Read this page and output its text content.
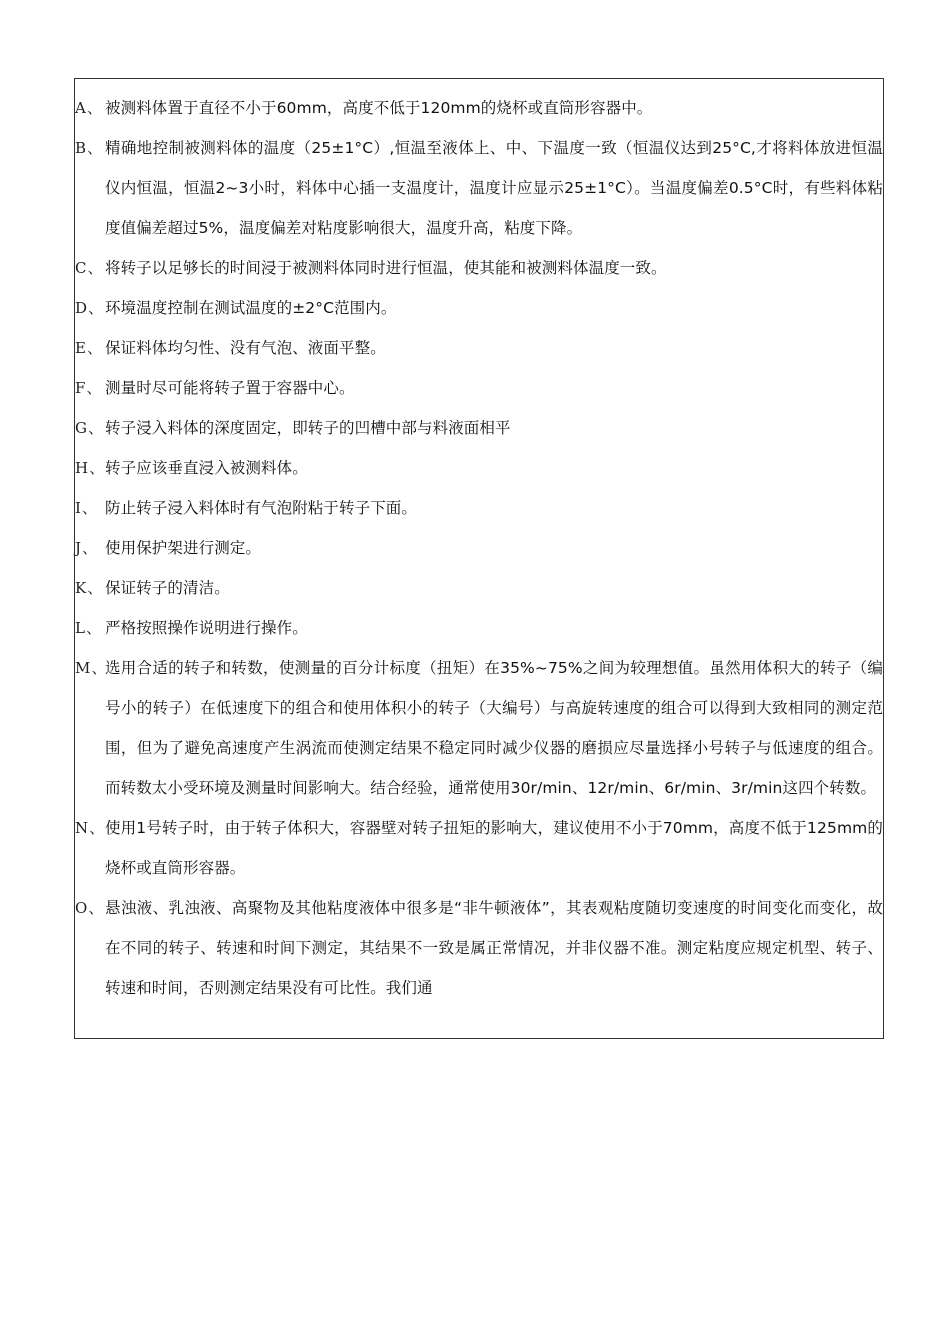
A、 被测料体置于直径不小于60mm，高度不低于120mm的烧杯或直筒形容器中。
B、 精确地控制被测料体的温度（25±1°C）,恒温至液体上、中、下温度一致（恒温仪达到25°C,才将料体放进恒温仪内恒温，恒温2~3小时，料体中心插一支温度计，温度计应显示25±1°C）。当温度偏差0.5°C时，有些料体粘度值偏差超过5%，温度偏差对粘度影响很大，温度升高，粘度下降。
C、 将转子以足够长的时间浸于被测料体同时进行恒温，使其能和被测料体温度一致。
D、 环境温度控制在测试温度的±2°C范围内。
E、 保证料体均匀性、没有气泡、液面平整。
F、 测量时尽可能将转子置于容器中心。
G、 转子浸入料体的深度固定，即转子的凹槽中部与料液面相平
H、 转子应该垂直浸入被测料体。
I、 防止转子浸入料体时有气泡附粘于转子下面。
J、 使用保护架进行测定。
K、 保证转子的清洁。
L、 严格按照操作说明进行操作。
M、
选用合适的转子和转数，使测量的百分计标度（扭矩）在35%~75%之间为较理想值。虽然用体积大的转子（编号小的转子）在低速度下的组合和使用体积小的转子（大编号）与高旋转速度的组合可以得到大致相同的测定范围，但为了避免高速度产生涡流而使测定结果不稳定同时减少仪器的磨损应尽量选择小号转子与低速度的组合。而转数太小受环境及测量时间影响大。结合经验，通常使用30r/min、12r/min、6r/min、3r/min这四个转数。
N、 使用1号转子时，由于转子体积大，容器壁对转子扭矩的影响大，建议使用不小于70mm，高度不低于125mm的烧杯或直筒形容器。
O、 悬浊液、乳浊液、高聚物及其他粘度液体中很多是“非牛顿液体”，其表观粘度随切变速度的时间变化而变化，故在不同的转子、转速和时间下测定，其结果不一致是属正常情况，并非仪器不准。测定粘度应规定机型、转子、转速和时间，否则测定结果没有可比性。我们通
